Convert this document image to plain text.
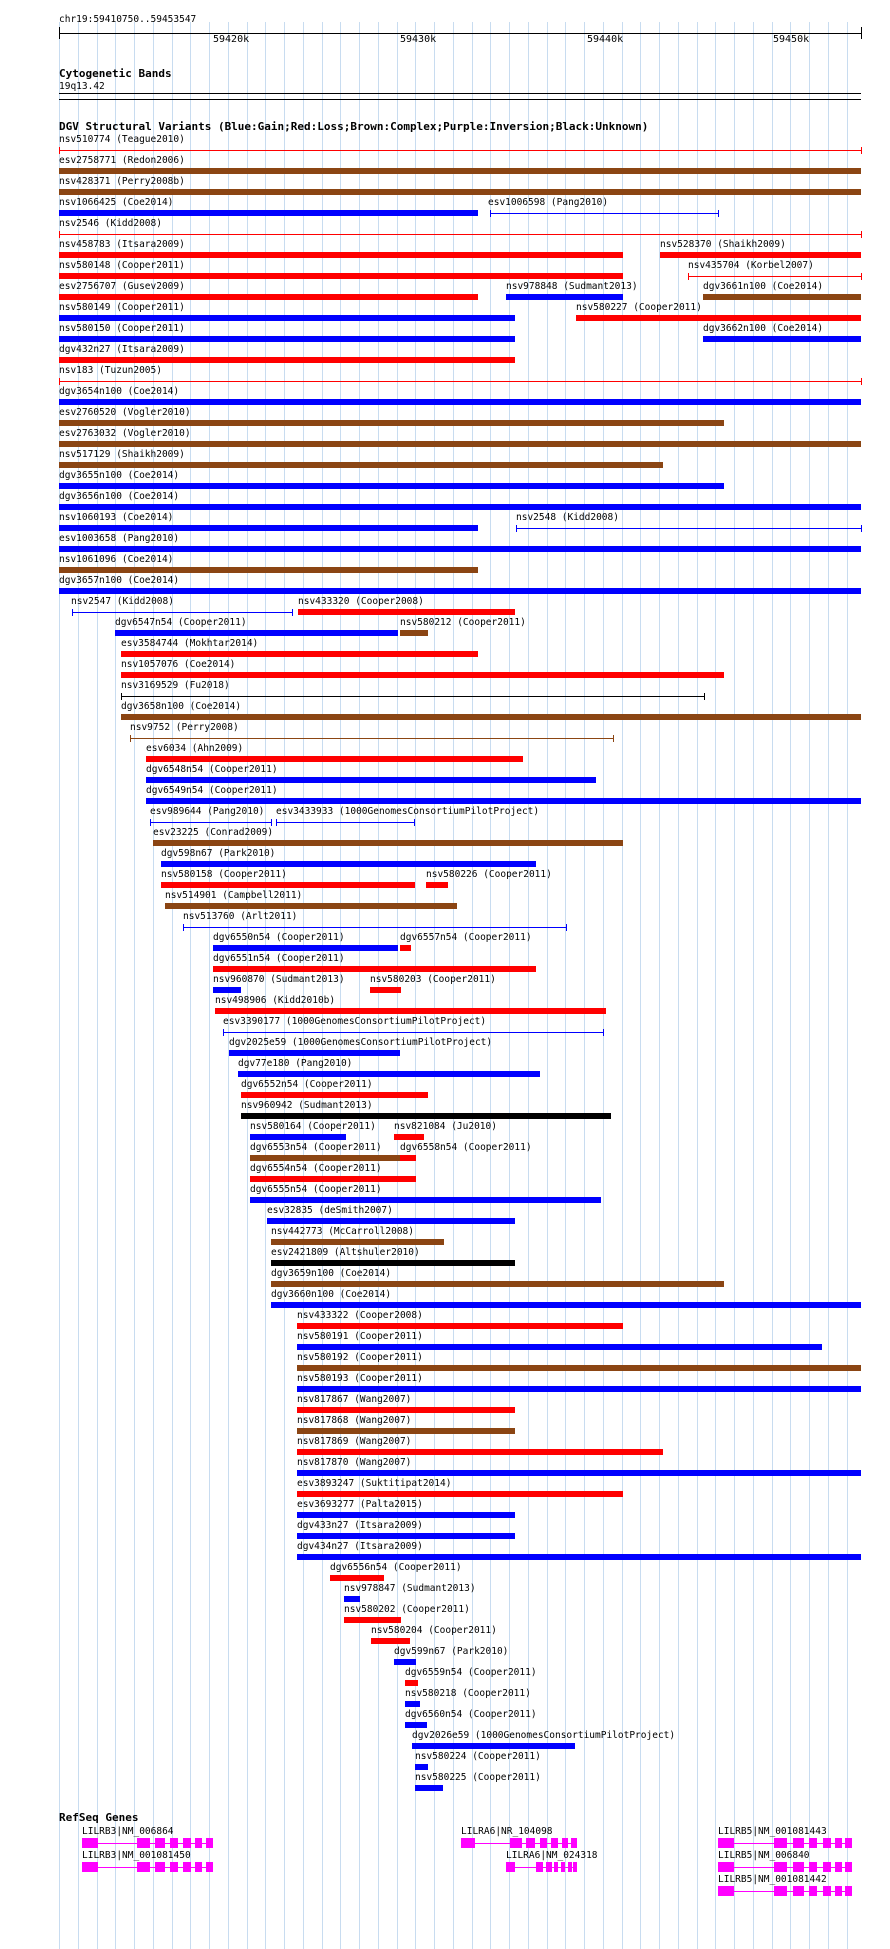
chr19:59410750..59453547
59420k	59430k	59440k	59450k
Cytogenetic Bands
19q13.42
DGV Structural Variants (Blue:Gain;Red:Loss;Brown:Complex;Purple:Inversion;Black:Unknown)
nsv510774 (Teague2010)
esv2758771 (Redon2006)
nsv428371 (Perry2008b)
nsv1066425 (Coe2014)	esv1006598 (Pang2010)
nsv2546 (Kidd2008)
nsv458783 (Itsara2009)	nsv528370 (Shaikh2009)
nsv580148 (Cooper2011)	nsv435704 (Korbel2007)
esv2756707 (Gusev2009)	nsv978848 (Sudmant2013)	dgv3661n100 (Coe2014)
nsv580149 (Cooper2011)	nsv580227 (Cooper2011)
nsv580150 (Cooper2011)	dgv3662n100 (Coe2014)
dgv432n27 (Itsara2009)
nsv183 (Tuzun2005)
dgv3654n100 (Coe2014)
esv2760520 (Vogler2010)
esv2763032 (Vogler2010)
nsv517129 (Shaikh2009)
dgv3655n100 (Coe2014)
dgv3656n100 (Coe2014)
nsv1060193 (Coe2014)	nsv2548 (Kidd2008)
esv1003658 (Pang2010)
nsv1061096 (Coe2014)
dgv3657n100 (Coe2014)
nsv2547 (Kidd2008)	nsv433320 (Cooper2008)
dgv6547n54 (Cooper2011)	nsv580212 (Cooper2011)
esv3584744 (Mokhtar2014)
nsv1057076 (Coe2014)
nsv3169529 (Fu2018)
dgv3658n100 (Coe2014)
nsv9752 (Perry2008)
esv6034 (Ahn2009)
dgv6548n54 (Cooper2011)
dgv6549n54 (Cooper2011)
esv989644 (Pang2010) esv3433933 (1000GenomesConsortiumPilotProject)
esv23225 (Conrad2009)
dgv598n67 (Park2010)
nsv580158 (Cooper2011)	nsv580226 (Cooper2011)
nsv514901 (Campbell2011)
nsv513760 (Arlt2011)
dgv6550n54 (Cooper2011)	dgv6557n54 (Cooper2011)
dgv6551n54 (Cooper2011)
nsv960870 (Sudmant2013)	nsv580203 (Cooper2011)
nsv498906 (Kidd2010b)
esv3390177 (1000GenomesConsortiumPilotProject)
dgv2025e59 (1000GenomesConsortiumPilotProject)
dgv77e180 (Pang2010)
dgv6552n54 (Cooper2011)
nsv960942 (Sudmant2013)
nsv580164 (Cooper2011) nsv821084 (Ju2010)
dgv6553n54 (Cooper2011) dgv6558n54 (Cooper2011)
dgv6554n54 (Cooper2011)
dgv6555n54 (Cooper2011)
esv32835 (deSmith2007)
nsv442773 (McCarroll2008)
esv2421809 (Altshuler2010)
dgv3659n100 (Coe2014)
dgv3660n100 (Coe2014)
nsv433322 (Cooper2008)
nsv580191 (Cooper2011)
nsv580192 (Cooper2011)
nsv580193 (Cooper2011)
nsv817867 (Wang2007)
nsv817868 (Wang2007)
nsv817869 (Wang2007)
nsv817870 (Wang2007)
esv3893247 (Suktitipat2014)
esv3693277 (Palta2015)
dgv433n27 (Itsara2009)
dgv434n27 (Itsara2009)
dgv6556n54 (Cooper2011)
nsv978847 (Sudmant2013)
nsv580202 (Cooper2011)
nsv580204 (Cooper2011)
dgv599n67 (Park2010)
dgv6559n54 (Cooper2011)
nsv580218 (Cooper2011)
dgv6560n54 (Cooper2011)
dgv2026e59 (1000GenomesConsortiumPilotProject)
nsv580224 (Cooper2011)
nsv580225 (Cooper2011)
RefSeq Genes
LILRB3|NM_006864
LILRB3|NM_001081450
LILRA6|NR_104098
LILRA6|NM_024318
LILRB5|NM_001081443
LILRB5|NM_006840
LILRB5|NM_001081442
